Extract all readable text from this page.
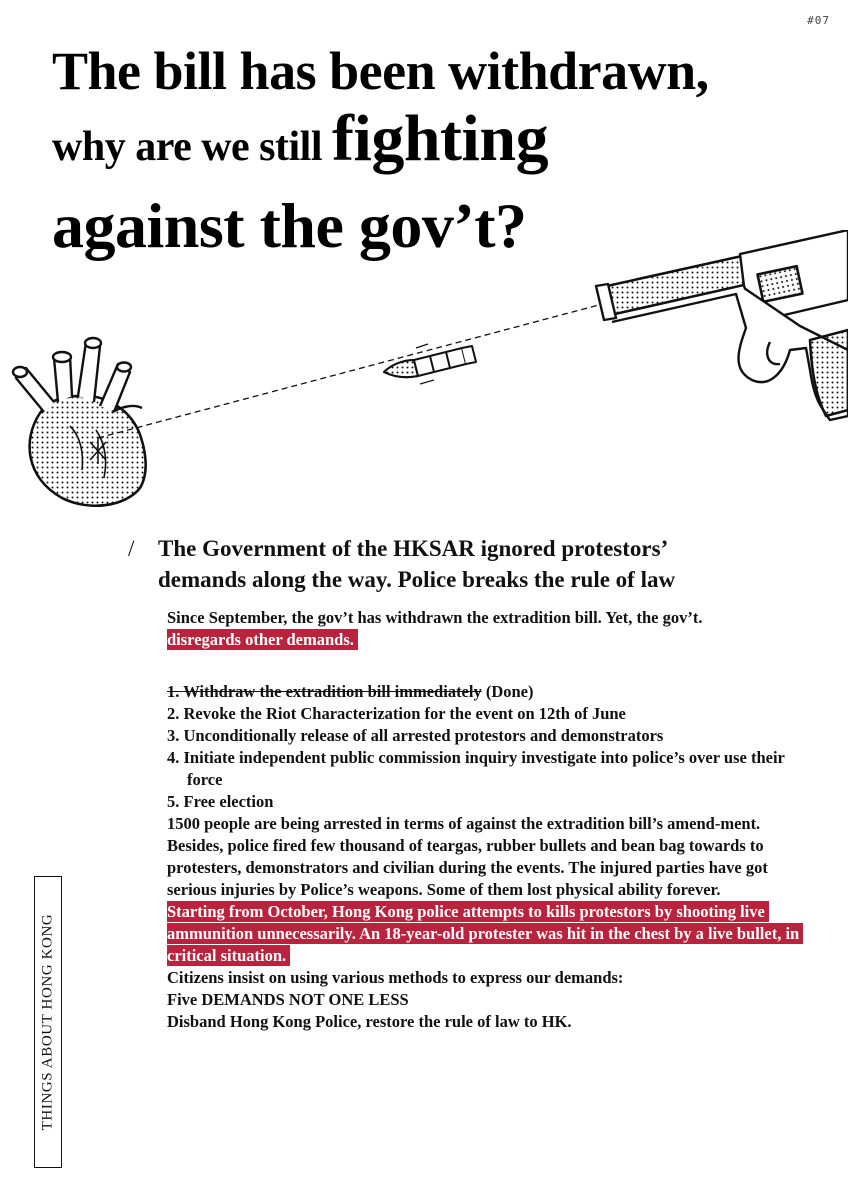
#07
The bill has been withdrawn,
why are we still fighting
against the gov’t?
/ The Government of the HKSAR ignored protestors’
demands along the way. Police breaks the rule of law

Since September, the gov’t has withdrawn the extradition bill. Yet, the gov’t.
disregards other demands.

1. Withdraw the extradition bill immediately (Done)
2. Revoke the Riot Characterization for the event on 12th of June
3. Unconditionally release of all arrested protestors and demonstrators
4. Initiate independent public commission inquiry investigate into police’s over use their force
5. Free election

1500 people are being arrested in terms of against the extradition bill’s amend-ment. Besides, police fired few thousand of teargas, rubber bullets and bean bag towards to protesters, demonstrators and civilian during the events. The injured parties have got serious injuries by Police’s weapons. Some of them lost physical ability forever.

Starting from October, Hong Kong police attempts to kills protestors by shooting live ammunition unnecessarily. An 18-year-old protester was hit in the chest by a live bullet, in critical situation.

Citizens insist on using various methods to express our demands:

Five DEMANDS NOT ONE LESS

Disband Hong Kong Police, restore the rule of law to HK.

THINGS ABOUT HONG KONG
